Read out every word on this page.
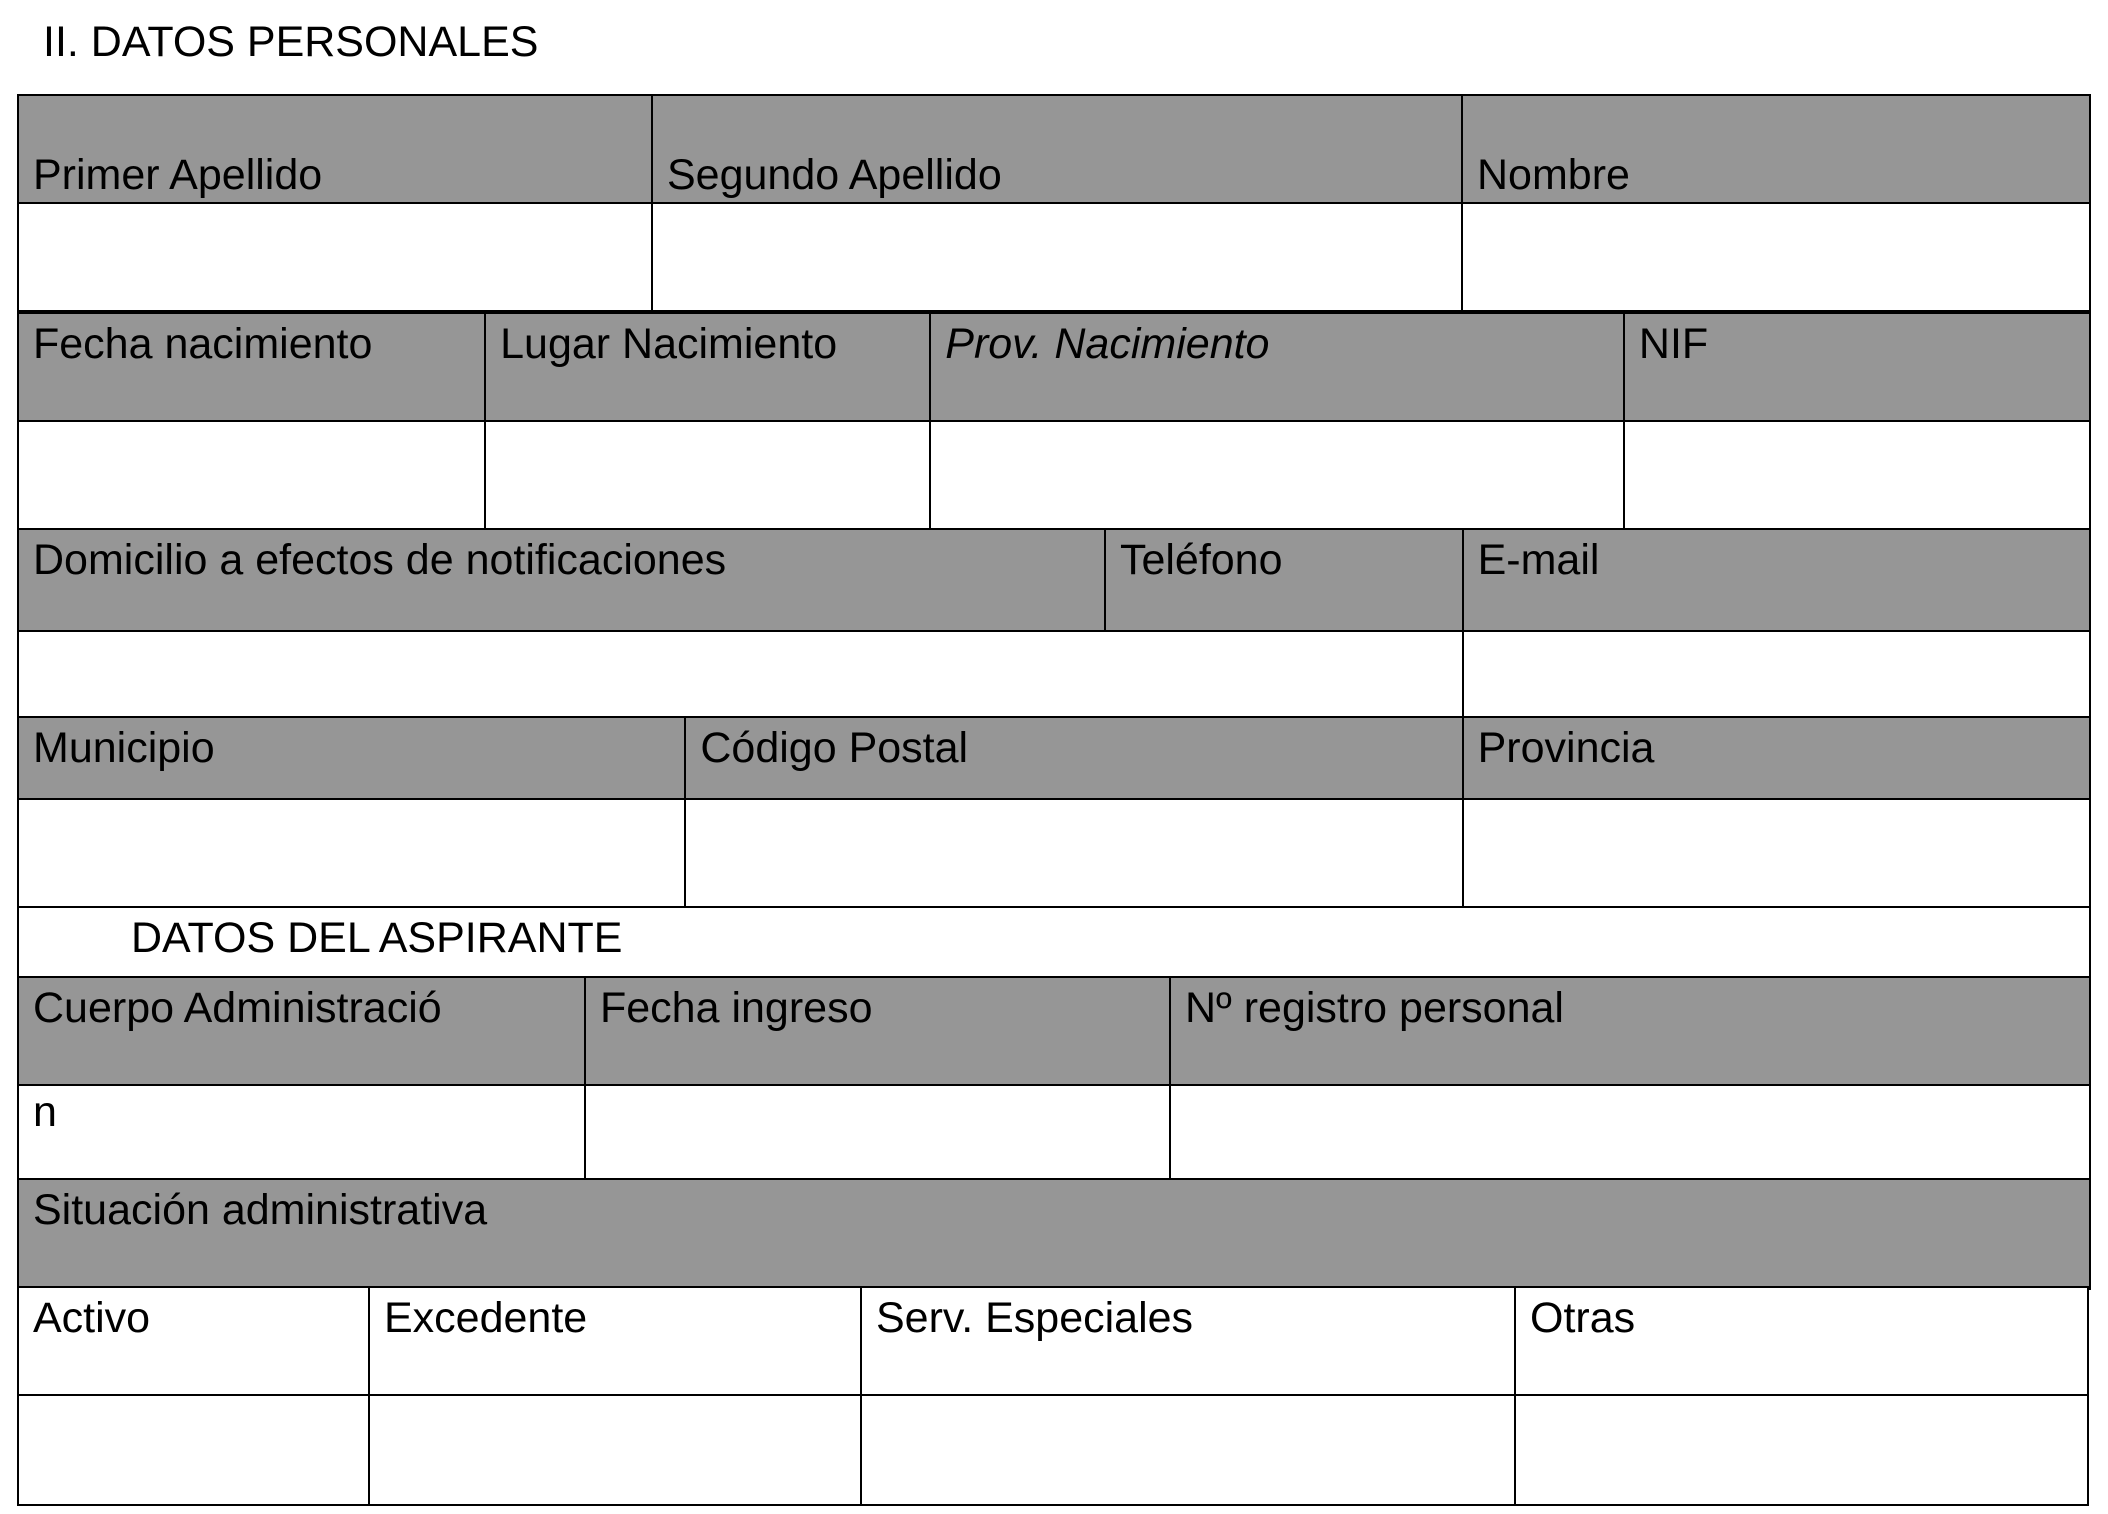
II. DATOS PERSONALES
Primer Apellido	Segundo Apellido	Nombre
Fecha nacimiento	Lugar Nacimiento	Prov. Nacimiento	NIF
Domicilio a efectos de notificaciones	Teléfono	E-mail
Municipio	Código Postal	Provincia
DATOS DEL ASPIRANTE
Cuerpo Administració	Fecha ingreso	Nº registro personal
n
Situación administrativa
Activo	Excedente	Serv. Especiales	Otras
